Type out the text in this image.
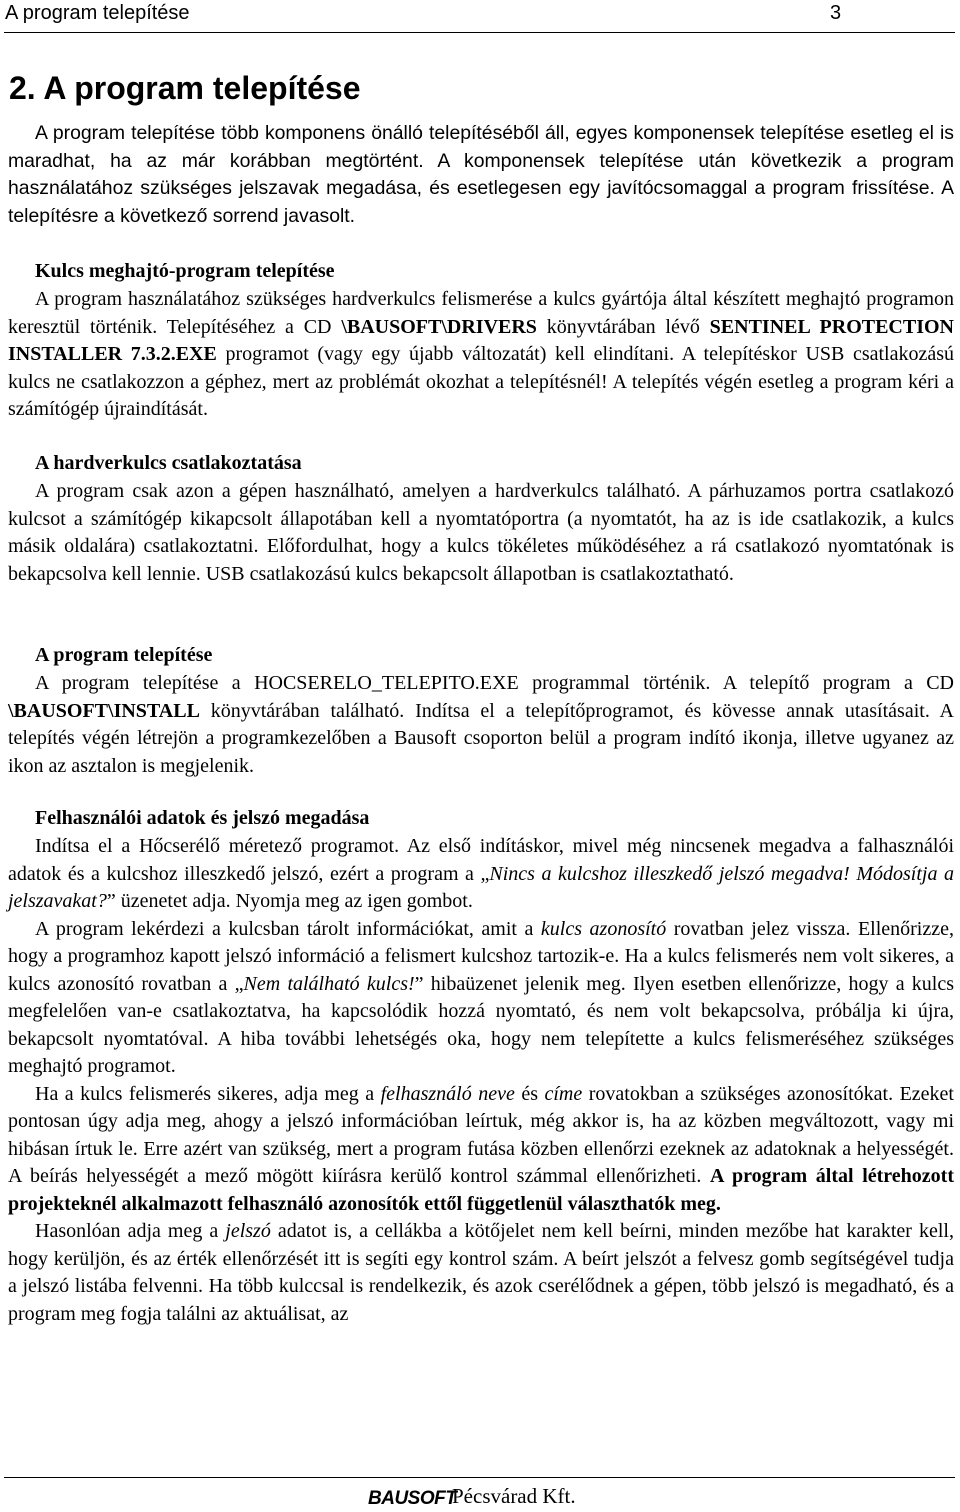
A program telepítése	3
2. A program telepítése

A program telepítése több komponens önálló telepítéséből áll, egyes komponensek telepítése esetleg el is maradhat, ha az már korábban megtörtént. A komponensek telepítése után következik a program használatához szükséges jelszavak megadása, és esetlegesen egy javítócsomaggal a program frissítése. A telepítésre a következő sorrend javasolt.

Kulcs meghajtó-program telepítése

A program használatához szükséges hardverkulcs felismerése a kulcs gyártója által készített meghajtó programon keresztül történik. Telepítéséhez a CD \BAUSOFT\DRIVERS könyvtárában lévő SENTINEL PROTECTION INSTALLER 7.3.2.EXE programot (vagy egy újabb változatát) kell elindítani. A telepítéskor USB csatlakozású kulcs ne csatlakozzon a géphez, mert az problémát okozhat a telepítésnél! A telepítés végén esetleg a program kéri a számítógép újraindítását.

A hardverkulcs csatlakoztatása

A program csak azon a gépen használható, amelyen a hardverkulcs található. A párhuzamos portra csatlakozó kulcsot a számítógép kikapcsolt állapotában kell a nyomtatóportra (a nyomtatót, ha az is ide csatlakozik, a kulcs másik oldalára) csatlakoztatni. Előfordulhat, hogy a kulcs tökéletes működéséhez a rá csatlakozó nyomtatónak is bekapcsolva kell lennie. USB csatlakozású kulcs bekapcsolt állapotban is csatlakoztatható.

A program telepítése

A program telepítése a HOCSERELO_TELEPITO.EXE programmal történik. A telepítő program a CD \BAUSOFT\INSTALL könyvtárában található. Indítsa el a telepítőprogramot, és kövesse annak utasításait. A telepítés végén létrejön a programkezelőben a Bausoft csoporton belül a program indító ikonja, illetve ugyanez az ikon az asztalon is megjelenik.

Felhasználói adatok és jelszó megadása

Indítsa el a Hőcserélő méretező programot. Az első indításkor, mivel még nincsenek megadva a falhasználói adatok és a kulcshoz illeszkedő jelszó, ezért a program a „Nincs a kulcshoz illeszkedő jelszó megadva! Módosítja a jelszavakat?” üzenetet adja. Nyomja meg az igen gombot.

A program lekérdezi a kulcsban tárolt információkat, amit a kulcs azonosító rovatban jelez vissza. Ellenőrizze, hogy a programhoz kapott jelszó információ a felismert kulcshoz tartozik-e. Ha a kulcs felismerés nem volt sikeres, a kulcs azonosító rovatban a „Nem található kulcs!” hibaüzenet jelenik meg. Ilyen esetben ellenőrizze, hogy a kulcs megfelelően van-e csatlakoztatva, ha kapcsolódik hozzá nyomtató, és nem volt bekapcsolva, próbálja ki újra, bekapcsolt nyomtatóval. A hiba további lehetségés oka, hogy nem telepítette a kulcs felismeréséhez szükséges meghajtó programot.

Ha a kulcs felismerés sikeres, adja meg a felhasználó neve és címe rovatokban a szükséges azonosítókat. Ezeket pontosan úgy adja meg, ahogy a jelszó információban leírtuk, még akkor is, ha az közben megváltozott, vagy mi hibásan írtuk le. Erre azért van szükség, mert a program futása közben ellenőrzi ezeknek az adatoknak a helyességét. A beírás helyességét a mező mögött kiírásra kerülő kontrol számmal ellenőrizheti. A program által létrehozott projekteknél alkalmazott felhasználó azonosítók ettől függetlenül választhatók meg.

Hasonlóan adja meg a jelszó adatot is, a cellákba a kötőjelet nem kell beírni, minden mezőbe hat karakter kell, hogy kerüljön, és az érték ellenőrzését itt is segíti egy kontrol szám. A beírt jelszót a felvesz gomb segítségével tudja a jelszó listába felvenni. Ha több kulccsal is rendelkezik, és azok cserélődnek a gépen, több jelszó is megadható, és a program meg fogja találni az aktuálisat, az

BAUSOFT
Pécsvárad Kft.
